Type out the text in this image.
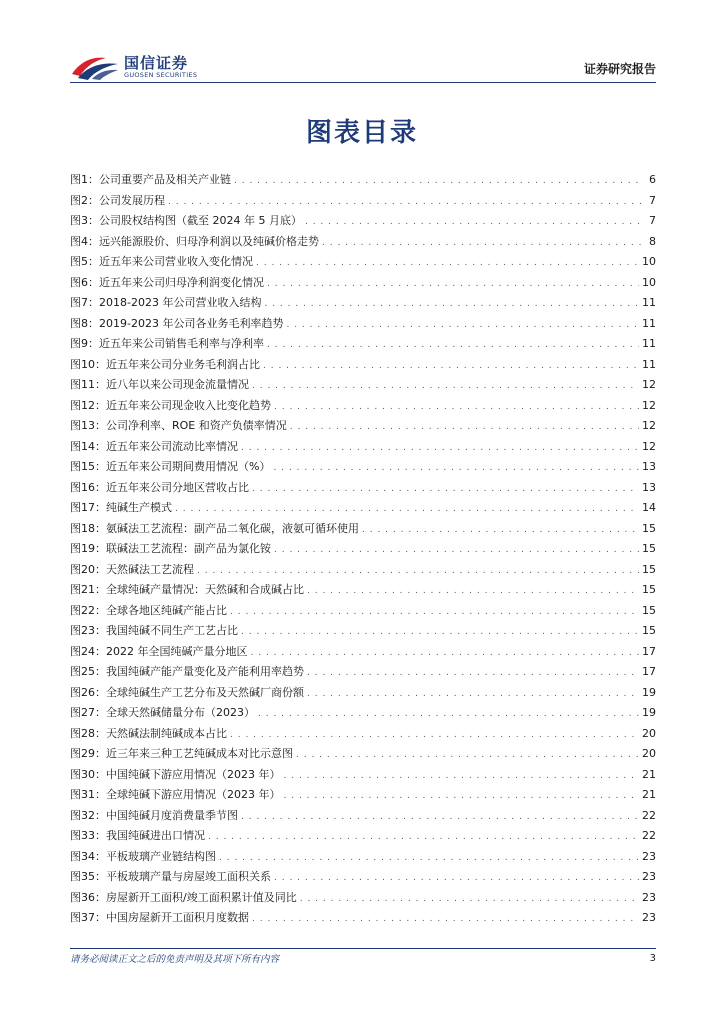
国信证券
GUOSEN SECURITIES	证券研究报告
图表目录
图1： 公司重要产品及相关产业链 . . .	6
图2： 公司发展历程 . . .	7
图3： 公司股权结构图（截至 2024 年 5 月底） . . .	7
图4： 远兴能源股价、归母净利润以及纯碱价格走势 . . .	8
图5： 近五年来公司营业收入变化情况 . . .	10
图6： 近五年来公司归母净利润变化情况 . . .	10
图7： 2018-2023 年公司营业收入结构 . . .	11
图8： 2019-2023 年公司各业务毛利率趋势 . . .	11
图9： 近五年来公司销售毛利率与净利率 . . .	11
图10： 近五年来公司分业务毛利润占比 . . .	11
图11： 近八年以来公司现金流量情况 . . .	12
图12： 近五年来公司现金收入比变化趋势 . . .	12
图13： 公司净利率、ROE 和资产负债率情况 . . .	12
图14： 近五年来公司流动比率情况 . . .	12
图15： 近五年来公司期间费用情况（%） . . .	13
图16： 近五年来公司分地区营收占比 . . .	13
图17： 纯碱生产模式 . . .	14
图18： 氨碱法工艺流程：副产品二氧化碳，液氨可循环使用 . . .	15
图19： 联碱法工艺流程：副产品为氯化铵 . . .	15
图20： 天然碱法工艺流程 . . .	15
图21： 全球纯碱产量情况：天然碱和合成碱占比 . . .	15
图22： 全球各地区纯碱产能占比 . . .	15
图23： 我国纯碱不同生产工艺占比 . . .	15
图24： 2022 年全国纯碱产量分地区 . . .	17
图25： 我国纯碱产能产量变化及产能利用率趋势 . . .	17
图26： 全球纯碱生产工艺分布及天然碱厂商份额 . . .	19
图27： 全球天然碱储量分布（2023） . . .	19
图28： 天然碱法制纯碱成本占比 . . .	20
图29： 近三年来三种工艺纯碱成本对比示意图 . . .	20
图30： 中国纯碱下游应用情况（2023 年） . . .	21
图31： 全球纯碱下游应用情况（2023 年） . . .	21
图32： 中国纯碱月度消费量季节图 . . .	22
图33： 我国纯碱进出口情况 . . .	22
图34： 平板玻璃产业链结构图 . . .	23
图35： 平板玻璃产量与房屋竣工面积关系 . . .	23
图36： 房屋新开工面积/竣工面积累计值及同比 . . .	23
图37： 中国房屋新开工面积月度数据 . . .	23
请务必阅读正文之后的免责声明及其项下所有内容	3
